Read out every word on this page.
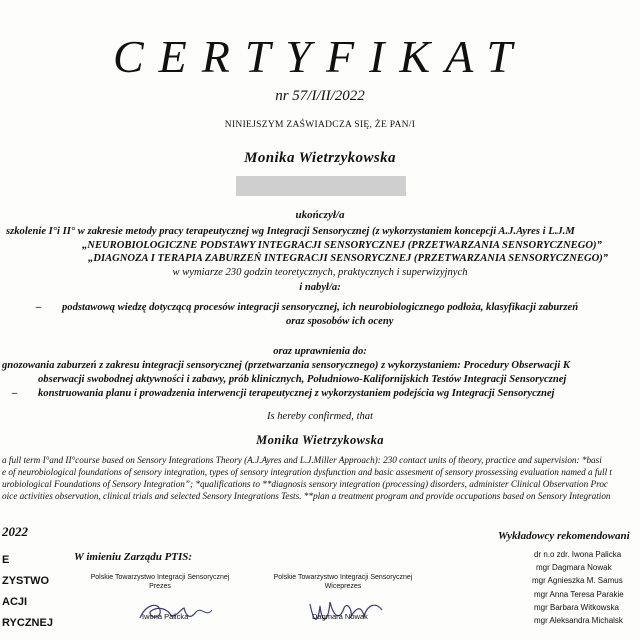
CERTYFIKAT
nr 57/I/II/2022
NINIEJSZYM ZAŚWIADCZA SIĘ, ŻE PAN/I
Monika Wietrzykowska
ukończył/a
szkolenie I°i II° w zakresie metody pracy terapeutycznej wg Integracji Sensorycznej (z wykorzystaniem koncepcji A.J.Ayres i L.J.M
„NEUROBIOLOGICZNE PODSTAWY INTEGRACJI SENSORYCZNEJ (PRZETWARZANIA SENSORYCZNEGO)”
„DIAGNOZA I TERAPIA ZABURZEŃ INTEGRACJI SENSORYCZNEJ (PRZETWARZANIA SENSORYCZNEGO)”
w wymiarze 230 godzin teoretycznych, praktycznych i superwizyjnych
i nabył/a:
– podstawową wiedzę dotyczącą procesów integracji sensorycznej, ich neurobiologicznego podłoża, klasyfikacji zaburzeń
oraz sposobów ich oceny
oraz uprawnienia do:
gnozowania zaburzeń z zakresu integracji sensorycznej (przetwarzania sensorycznego) z wykorzystaniem: Procedury Obserwacji K
obserwacji swobodnej aktywności i zabawy, prób klinicznych, Południowo-Kalifornijskich Testów Integracji Sensorycznej
– konstruowania planu i prowadzenia interwencji terapeutycznej z wykorzystaniem podejścia wg Integracji Sensorycznej
Is hereby confirmed, that
Monika Wietrzykowska
a full term I°and II°course based on Sensory Integrations Theory (A.J.Ayres and L.J.Miller Approach): 230 contact units of theory, practice and supervision: *basi
e of neurobiological foundations of sensory integration, types of sensory integration dysfunction and basic assesment of sensory prossessing evaluation named a full t
urobiological Foundations of Sensory Integration”; *qualifications to **diagnosis sensory integration (processing) disorders, administer Clinical Observation Proc
oice activities observation, clinical trials and selected Sensory Integrations Tests. **plan a treatment program and provide occupations based on Sensory Integration
2022
E
ZYSTWO
ACJI
RYCZNEJ
W imieniu Zarządu PTIS:
Polskie Towarzystwo Integracji Sensorycznej
Prezes
Iwona Palicka
Polskie Towarzystwo Integracji Sensorycznej
Wiceprezes
Dagmara Nowak
Wykładowcy rekomendowani
dr n.o zdr. Iwona Palicka
mgr Dagmara Nowak
mgr Agnieszka M. Samus
mgr Anna Teresa Parakie
mgr Barbara Witkowska
mgr Aleksandra Michalsk
